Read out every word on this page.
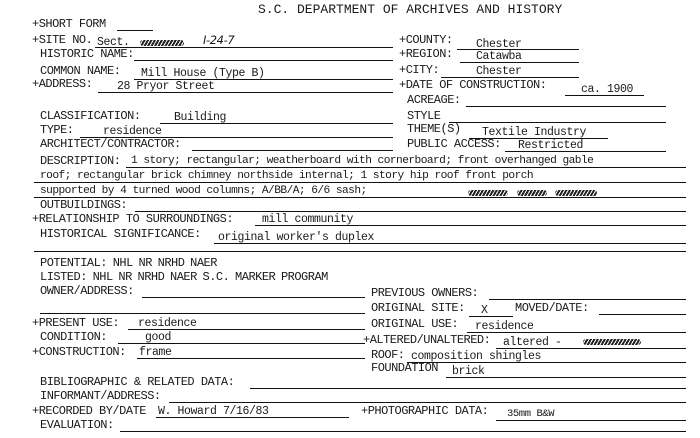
S.C. DEPARTMENT OF ARCHIVES AND HISTORY
+SHORT FORM
+SITE NO. Sect.	I-24-7	+COUNTY: Chester
HISTORIC NAME:	+REGION: Catawba
COMMON NAME: Mill House (Type B)	+CITY:	Chester
+ADDRESS: 28 Pryor Street	+DATE OF CONSTRUCTION:	ca. 1900
ACREAGE:
CLASSIFICATION:	Building	STYLE
TYPE:	residence	THEME(S) Textile Industry
ARCHITECT/CONTRACTOR:	PUBLIC ACCESS: Restricted
DESCRIPTION: 1 story; rectangular; weatherboard with cornerboard; front overhanged gable
roof; rectangular brick chimney northside internal; 1 story hip roof front porch
supported by 4 turned wood columns; A/BB/A; 6/6 sash;
OUTBUILDINGS:
+RELATIONSHIP TO SURROUNDINGS:	mill community
HISTORICAL SIGNIFICANCE: original worker's duplex
POTENTIAL: NHL NR NRHD NAER
LISTED: NHL NR NRHD NAER S.C. MARKER PROGRAM
OWNER/ADDRESS:	PREVIOUS OWNERS:
ORIGINAL SITE: X MOVED/DATE:
+PRESENT USE: residence	ORIGINAL USE: residence
CONDITION:	good	+ALTERED/UNALTERED: altered -
+CONSTRUCTION: frame	ROOF: composition shingles
FOUNDATION brick
BIBLIOGRAPHIC & RELATED DATA:
INFORMANT/ADDRESS:
+RECORDED BY/DATE W. Howard 7/16/83	+PHOTOGRAPHIC DATA: 35mm B&W
EVALUATION:
